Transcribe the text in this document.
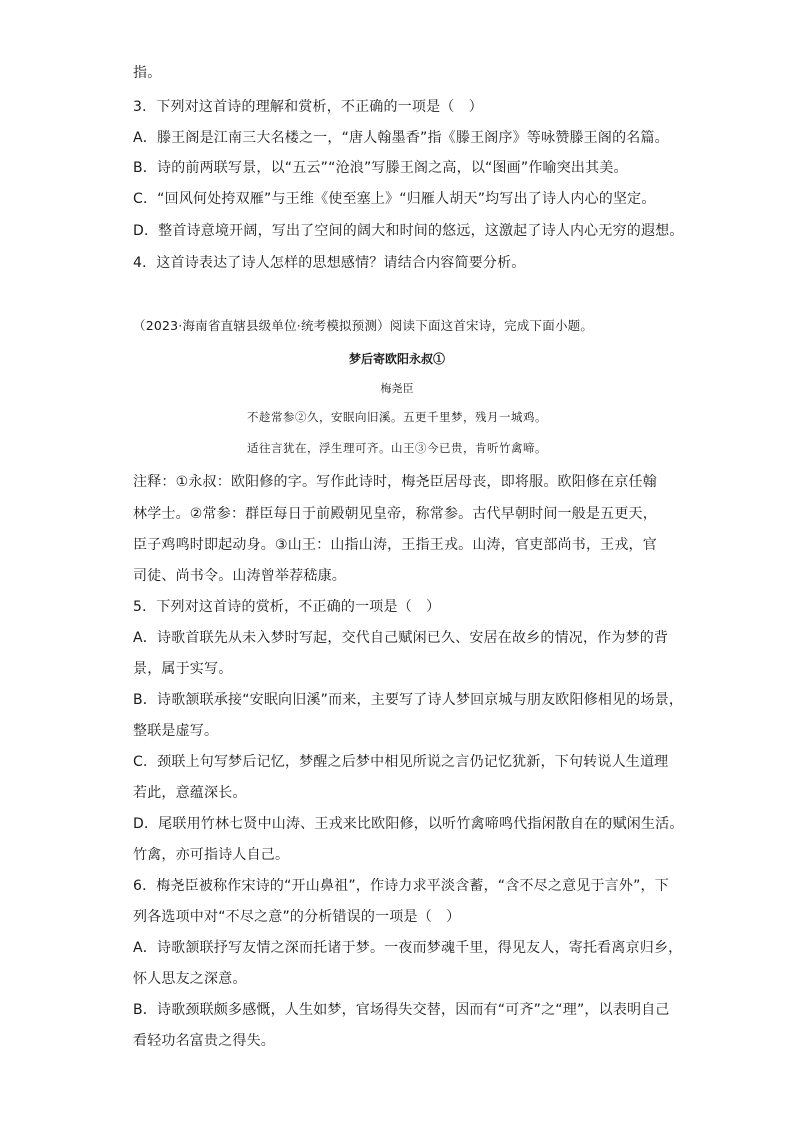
指。
3．下列对这首诗的理解和赏析，不正确的一项是（　）
A．滕王阁是江南三大名楼之一，“唐人翰墨香”指《滕王阁序》等咏赞滕王阁的名篇。
B．诗的前两联写景，以“五云”“沧浪”写滕王阁之高，以“图画”作喻突出其美。
C．“回风何处挎双雁”与王维《使至塞上》“归雁人胡天”均写出了诗人内心的坚定。
D．整首诗意境开阔，写出了空间的阔大和时间的悠远，这激起了诗人内心无穷的遐想。
4．这首诗表达了诗人怎样的思想感情？请结合内容简要分析。
（2023·海南省直辖县级单位·统考模拟预测）阅读下面这首宋诗，完成下面小题。
梦后寄欧阳永叔①
梅尧臣
不趁常参②久，安眠向旧溪。五更千里梦，残月一城鸡。
适往言犹在，浮生理可齐。山王③今已贵，肯听竹禽啼。
注释：①永叔：欧阳修的字。写作此诗时，梅尧臣居母丧，即将服。欧阳修在京任翰
林学士。②常参：群臣每日于前殿朝见皇帝，称常参。古代早朝时间一般是五更天，
臣子鸡鸣时即起动身。③山王：山指山涛，王指王戎。山涛，官吏部尚书，王戎，官
司徒、尚书令。山涛曾举荐嵇康。
5．下列对这首诗的赏析，不正确的一项是（　）
A．诗歌首联先从未入梦时写起，交代自己赋闲已久、安居在故乡的情况，作为梦的背
景，属于实写。
B．诗歌颔联承接“安眠向旧溪”而来，主要写了诗人梦回京城与朋友欧阳修相见的场景，
整联是虚写。
C．颈联上句写梦后记忆，梦醒之后梦中相见所说之言仍记忆犹新，下句转说人生道理
若此，意蕴深长。
D．尾联用竹林七贤中山涛、王戎来比欧阳修，以听竹禽啼鸣代指闲散自在的赋闲生活。
竹禽，亦可指诗人自己。
6．梅尧臣被称作宋诗的“开山鼻祖”，作诗力求平淡含蓄，“含不尽之意见于言外”，下
列各选项中对“不尽之意”的分析错误的一项是（　）
A．诗歌颔联抒写友情之深而托诸于梦。一夜而梦魂千里，得见友人，寄托看离京归乡，
怀人思友之深意。
B．诗歌颈联颇多感慨，人生如梦，官场得失交替，因而有“可齐”之“理”，以表明自己
看轻功名富贵之得失。
